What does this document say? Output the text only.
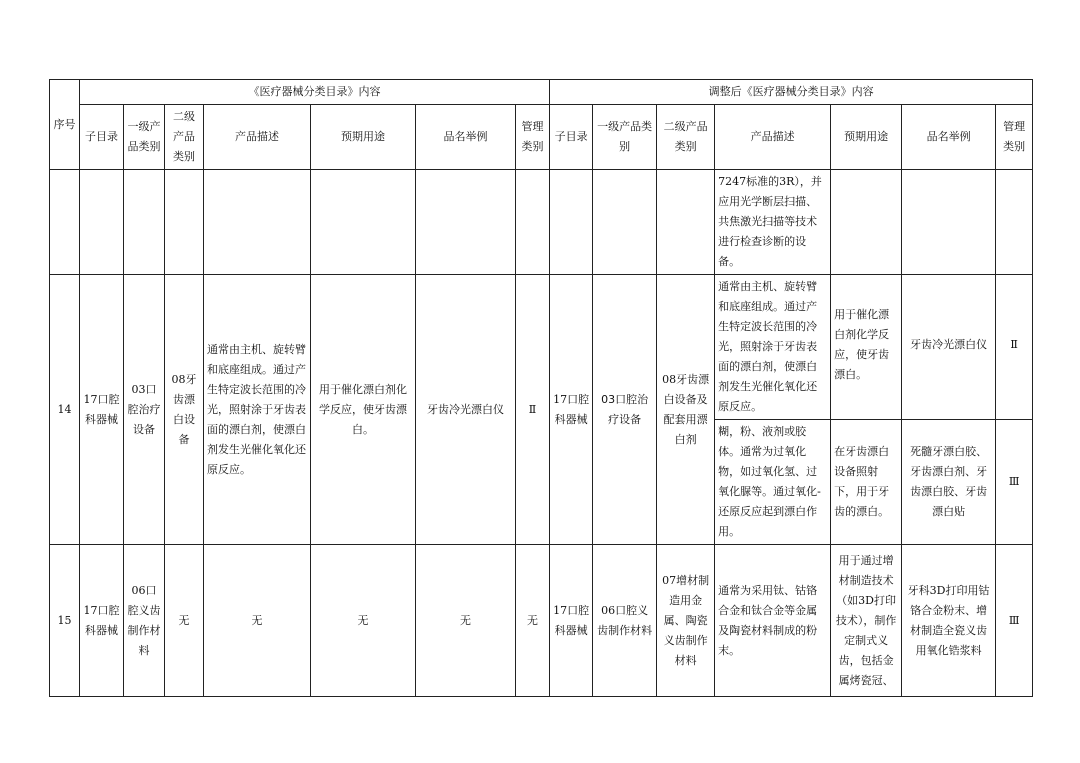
序号	《医疗器械分类目录》内容							调整后《医疗器械分类目录》内容						
	子目录	一级产品类别	二级产品类别	产品描述	预期用途	品名举例	管理类别	子目录	一级产品类别	二级产品类别	产品描述	预期用途	品名举例	管理类别
											7247标准的3R），并应用光学断层扫描、共焦激光扫描等技术进行检查诊断的设备。			
14	17口腔科器械	03口腔治疗设备	08牙齿漂白设备	通常由主机、旋转臂和底座组成。通过产生特定波长范围的冷光，照射涂于牙齿表面的漂白剂，使漂白剂发生光催化氧化还原反应。	用于催化漂白剂化学反应，使牙齿漂白。	牙齿冷光漂白仪	Ⅱ	17口腔科器械	03口腔治疗设备	08牙齿漂白设备及配套用漂白剂	通常由主机、旋转臂和底座组成。通过产生特定波长范围的冷光，照射涂于牙齿表面的漂白剂，使漂白剂发生光催化氧化还原反应。	用于催化漂白剂化学反应，使牙齿漂白。	牙齿冷光漂白仪	Ⅱ
											糊，粉、液剂或胶体。通常为过氧化物，如过氧化氢、过氧化脲等。通过氧化-还原反应起到漂白作用。	在牙齿漂白设备照射下，用于牙齿的漂白。	死髓牙漂白胶、牙齿漂白剂、牙齿漂白胶、牙齿漂白贴	Ⅲ
15	17口腔科器械	06口腔义齿制作材料	无	无	无	无	无	17口腔科器械	06口腔义齿制作材料	07增材制造用金属、陶瓷义齿制作材料	通常为采用钛、钴铬合金和钛合金等金属及陶瓷材料制成的粉末。	用于通过增材制造技术（如3D打印技术），制作定制式义齿，包括金属烤瓷冠、	牙科3D打印用钴铬合金粉末、增材制造全瓷义齿用氧化锆浆料	Ⅲ
